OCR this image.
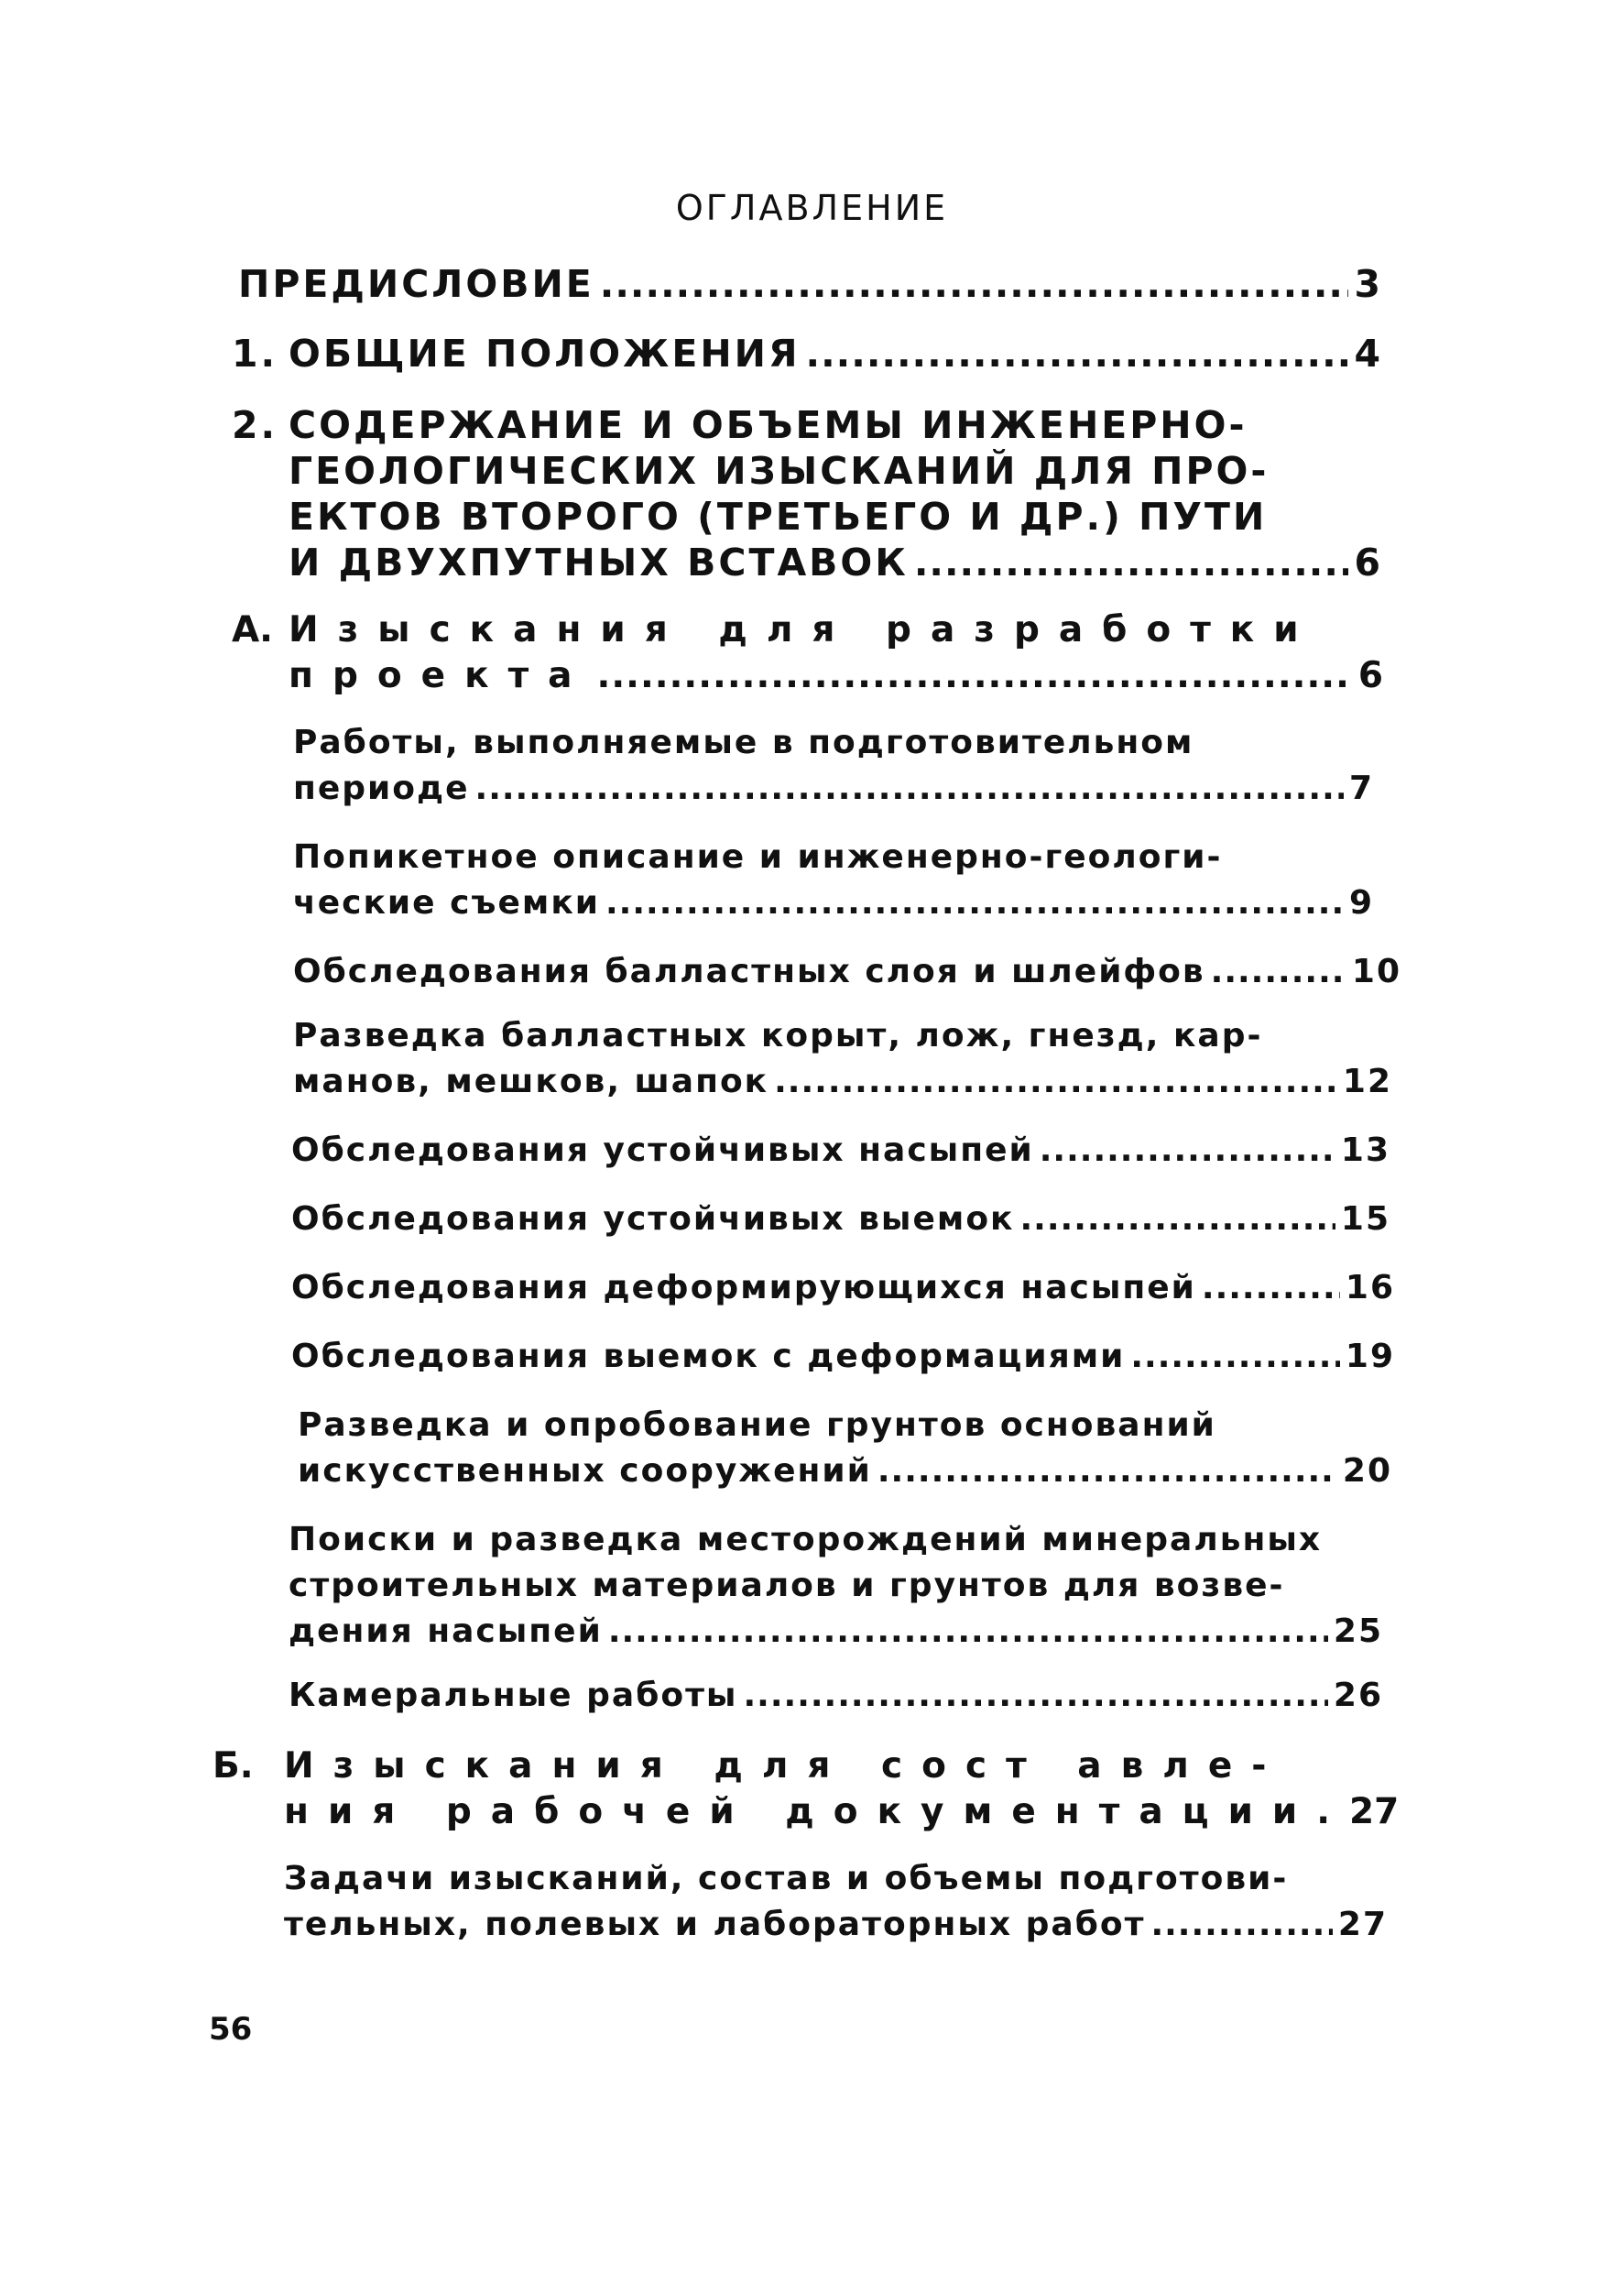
ОГЛАВЛЕНИЕ
ПРЕДИСЛОВИЕ .....	3
1. ОБЩИЕ ПОЛОЖЕНИЯ .....	4
2. СОДЕРЖАНИЕ И ОБЪЕМЫ ИНЖЕНЕРНО-
ГЕОЛОГИЧЕСКИХ ИЗЫСКАНИЙ ДЛЯ ПРО-
ЕКТОВ ВТОРОГО (ТРЕТЬЕГО И ДР.) ПУТИ
И ДВУХПУТНЫХ ВСТАВОК .....	6
А. Изыскания для разработки
проекта .....	6
Работы, выполняемые в подготовительном
периоде .....	7
Попикетное описание и инженерно-геологи-
ческие съемки .....	9
Обследования балластных слоя и шлейфов .....	10
Разведка балластных корыт, лож, гнезд, кар-
манов, мешков, шапок .....	12
Обследования устойчивых насыпей .....	13
Обследования устойчивых выемок .....	15
Обследования деформирующихся насыпей .....	16
Обследования выемок с деформациями .....	19
Разведка и опробование грунтов оснований
искусственных сооружений .....	20
Поиски и разведка месторождений минеральных
строительных материалов и грунтов для возве-
дения насыпей .....	25
Камеральные работы .....	26
Б. Изыскания для сост авле-
ния рабочей документации. 27
Задачи изысканий, состав и объемы подготови-
тельных, полевых и лабораторных работ .....	27
56
